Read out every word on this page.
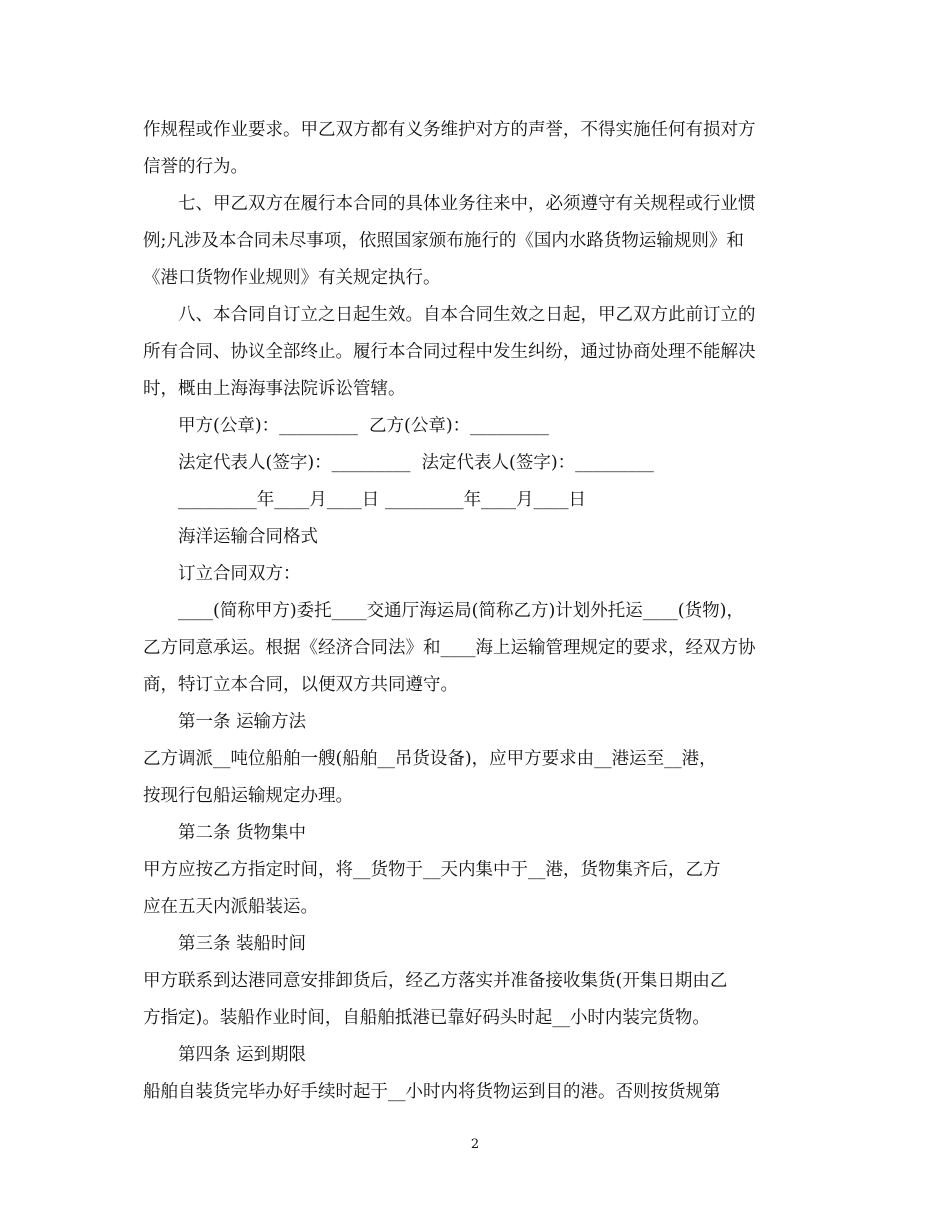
作规程或作业要求。甲乙双方都有义务维护对方的声誉，不得实施任何有损对方
信誉的行为。
七、甲乙双方在履行本合同的具体业务往来中，必须遵守有关规程或行业惯
例;凡涉及本合同未尽事项，依照国家颁布施行的《国内水路货物运输规则》和
《港口货物作业规则》有关规定执行。
八、本合同自订立之日起生效。自本合同生效之日起，甲乙双方此前订立的
所有合同、协议全部终止。履行本合同过程中发生纠纷，通过协商处理不能解决
时，概由上海海事法院诉讼管辖。
甲方(公章)：_________  乙方(公章)：_________
法定代表人(签字)：_________  法定代表人(签字)：_________
_________年____月____日 _________年____月____日
海洋运输合同格式
订立合同双方：
____(简称甲方)委托____交通厅海运局(简称乙方)计划外托运____(货物)，
乙方同意承运。根据《经济合同法》和____海上运输管理规定的要求，经双方协
商，特订立本合同，以便双方共同遵守。
第一条 运输方法
乙方调派__吨位船舶一艘(船舶__吊货设备)，应甲方要求由__港运至__港，
按现行包船运输规定办理。
第二条 货物集中
甲方应按乙方指定时间，将__货物于__天内集中于__港，货物集齐后，乙方
应在五天内派船装运。
第三条 装船时间
甲方联系到达港同意安排卸货后，经乙方落实并准备接收集货(开集日期由乙
方指定)。装船作业时间，自船舶抵港已靠好码头时起__小时内装完货物。
第四条 运到期限
船舶自装货完毕办好手续时起于__小时内将货物运到目的港。否则按货规第
2
